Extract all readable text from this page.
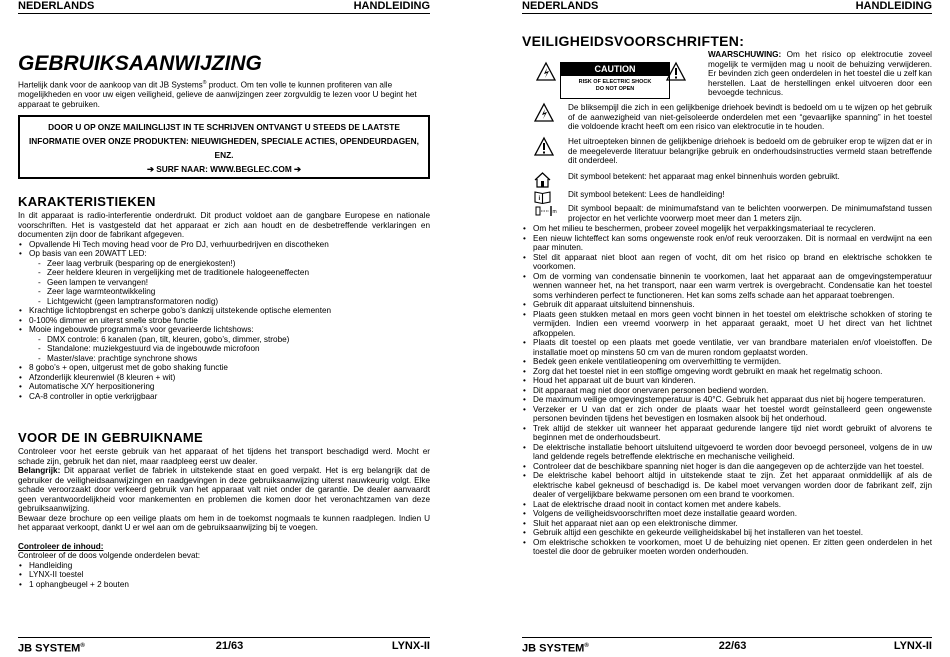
NEDERLANDS	HANDLEIDING
GEBRUIKSAANWIJZING
Hartelijk dank voor de aankoop van dit JB Systems® product. Om ten volle te kunnen profiteren van alle mogelijkheden en voor uw eigen veiligheid, gelieve de aanwijzingen zeer zorgvuldig te lezen voor U begint het apparaat te gebruiken.
DOOR U OP ONZE MAILINGLIJST IN TE SCHRIJVEN ONTVANGT U STEEDS DE LAATSTE INFORMATIE OVER ONZE PRODUKTEN: NIEUWIGHEDEN, SPECIALE ACTIES, OPENDEURDAGEN, ENZ.
➔ SURF NAAR: WWW.BEGLEC.COM ➔
KARAKTERISTIEKEN
In dit apparaat is radio-interferentie onderdrukt. Dit product voldoet aan de gangbare Europese en nationale voorschriften. Het is vastgesteld dat het apparaat er zich aan houdt en de desbetreffende verklaringen en documenten zijn door de fabrikant afgegeven.
• Opvallende Hi Tech moving head voor de Pro DJ, verhuurbedrijven en discotheken
• Op basis van een 20WATT LED:
- Zeer laag verbruik (besparing op de energiekosten!)
- Zeer heldere kleuren in vergelijking met de traditionele halogeeneffecten
- Geen lampen te vervangen!
- Zeer lage warmteontwikkeling
- Lichtgewicht (geen lamptransformatoren nodig)
• Krachtige lichtopbrengst en scherpe gobo’s dankzij uitstekende optische elementen
• 0-100% dimmer en uiterst snelle strobe functie
• Mooie ingebouwde programma’s voor gevarieerde lichtshows:
- DMX controle: 6 kanalen (pan, tilt, kleuren, gobo’s, dimmer, strobe)
- Standalone: muziekgestuurd via de ingebouwde microfoon
- Master/slave: prachtige synchrone shows
• 8 gobo’s + open, uitgerust met de gobo shaking functie
• Afzonderlijk kleurenwiel (8 kleuren + wit)
• Automatische X/Y herpositionering
• CA-8 controller in optie verkrijgbaar
VOOR DE IN GEBRUIKNAME
Controleer voor het eerste gebruik van het apparaat of het tijdens het transport beschadigd werd. Mocht er schade zijn, gebruik het dan niet, maar raadpleeg eerst uw dealer.
Belangrijk: Dit apparaat verliet de fabriek in uitstekende staat en goed verpakt. Het is erg belangrijk dat de gebruiker de veiligheidsaanwijzingen en raadgevingen in deze gebruiksaanwijzing uiterst nauwkeurig volgt. Elke schade veroorzaakt door verkeerd gebruik van het apparaat valt niet onder de garantie. De dealer aanvaardt geen verantwoordelijkheid voor mankementen en problemen die komen door het veronachtzamen van deze gebruiksaanwijzing.
Bewaar deze brochure op een veilige plaats om hem in de toekomst nogmaals te kunnen raadplegen. Indien U het apparaat verkoopt, dankt U er wel aan om de gebruiksaanwijzing bij te voegen.
Controleer de inhoud:
Controleer of de doos volgende onderdelen bevat:
• Handleiding
• LYNX-II toestel
• 1 ophangbeugel + 2 bouten
JB SYSTEM®	21/63	LYNX-II
NEDERLANDS	HANDLEIDING
VEILIGHEIDSVOORSCHRIFTEN:
CAUTION
RISK OF ELECTRIC SHOCK
DO NOT OPEN
WAARSCHUWING: Om het risico op elektrocutie zoveel mogelijk te vermijden mag u nooit de behuizing verwijderen. Er bevinden zich geen onderdelen in het toestel die u zelf kan herstellen. Laat de herstellingen enkel uitvoeren door een bevoegde technicus.
De bliksempijl die zich in een gelijkbenige driehoek bevindt is bedoeld om u te wijzen op het gebruik of de aanwezigheid van niet-geïsoleerde onderdelen met een “gevaarlijke spanning” in het toestel die voldoende kracht heeft om een risico van elektrocutie in te houden.
Het uitroepteken binnen de gelijkbenige driehoek is bedoeld om de gebruiker erop te wijzen dat er in de meegeleverde literatuur belangrijke gebruik en onderhoudsinstructies vermeld staan betreffende dit onderdeel.
Dit symbool betekent: het apparaat mag enkel binnenhuis worden gebruikt.
i	Dit symbool betekent: Lees de handleiding!
m Dit symbool bepaalt: de minimumafstand van te belichten voorwerpen. De minimumafstand tussen projector en het verlichte voorwerp moet meer dan 1 meters zijn.
• Om het milieu te beschermen, probeer zoveel mogelijk het verpakkingsmateriaal te recycleren.
• Een nieuw lichteffect kan soms ongewenste rook en/of reuk veroorzaken. Dit is normaal en verdwijnt na een paar minuten.
• Stel dit apparaat niet bloot aan regen of vocht, dit om het risico op brand en elektrische schokken te voorkomen.
• Om de vorming van condensatie binnenin te voorkomen, laat het apparaat aan de omgevingstemperatuur wennen wanneer het, na het transport, naar een warm vertrek is overgebracht. Condensatie kan het toestel soms verhinderen perfect te functioneren. Het kan soms zelfs schade aan het apparaat toebrengen.
• Gebruik dit apparaat uitsluitend binnenshuis.
• Plaats geen stukken metaal en mors geen vocht binnen in het toestel om elektrische schokken of storing te vermijden. Indien een vreemd voorwerp in het apparaat geraakt, moet U het direct van het lichtnet afkoppelen.
• Plaats dit toestel op een plaats met goede ventilatie, ver van brandbare materialen en/of vloeistoffen. De installatie moet op minstens 50 cm van de muren rondom geplaatst worden.
• Bedek geen enkele ventilatieopening om oververhitting te vermijden.
• Zorg dat het toestel niet in een stoffige omgeving wordt gebruikt en maak het regelmatig schoon.
• Houd het apparaat uit de buurt van kinderen.
• Dit apparaat mag niet door onervaren personen bediend worden.
• De maximum veilige omgevingstemperatuur is 40°C. Gebruik het apparaat dus niet bij hogere temperaturen.
• Verzeker er U van dat er zich onder de plaats waar het toestel wordt geïnstalleerd geen ongewenste personen bevinden tijdens het bevestigen en losmaken alsook bij het onderhoud.
• Trek altijd de stekker uit wanneer het apparaat gedurende langere tijd niet wordt gebruikt of alvorens te beginnen met de onderhoudsbeurt.
• De elektrische installatie behoort uitsluitend uitgevoerd te worden door bevoegd personeel, volgens de in uw land geldende regels betreffende elektrische en mechanische veiligheid.
• Controleer dat de beschikbare spanning niet hoger is dan die aangegeven op de achterzijde van het toestel.
• De elektrische kabel behoort altijd in uitstekende staat te zijn. Zet het apparaat onmiddellijk af als de elektrische kabel gekneusd of beschadigd is. De kabel moet vervangen worden door de fabrikant zelf, zijn dealer of vergelijkbare bekwame personen om een brand te voorkomen.
• Laat de elektrische draad nooit in contact komen met andere kabels.
• Volgens de veiligheidsvoorschriften moet deze installatie geaard worden.
• Sluit het apparaat niet aan op een elektronische dimmer.
• Gebruik altijd een geschikte en gekeurde veiligheidskabel bij het installeren van het toestel.
• Om elektrische schokken te voorkomen, moet U de behuizing niet openen. Er zitten geen onderdelen in het toestel die door de gebruiker moeten worden onderhouden.
JB SYSTEM®	22/63	LYNX-II
